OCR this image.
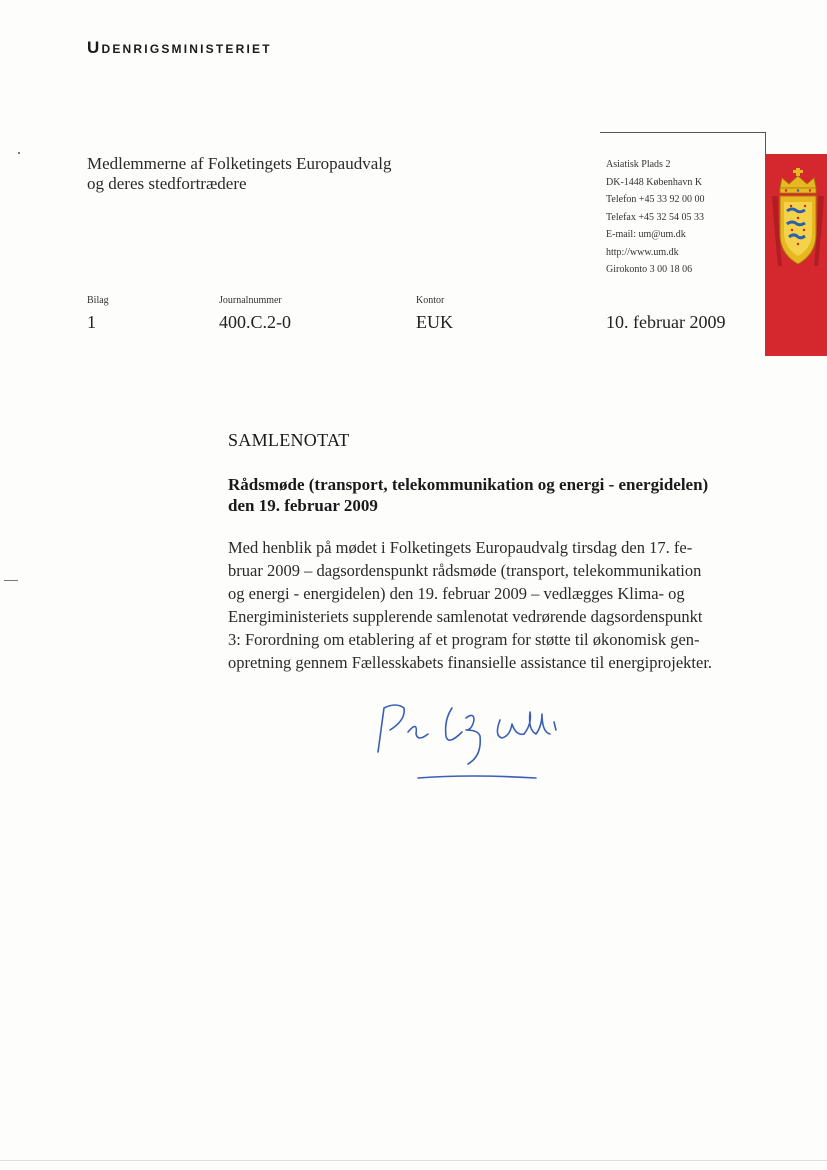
Udenrigsministeriet
Medlemmerne af Folketingets Europaudvalg
og deres stedfortrædere
Asiatisk Plads 2
DK-1448 København K
Telefon +45 33 92 00 00
Telefax +45 32 54 05 33
E-mail: um@um.dk
http://www.um.dk
Girokonto 3 00 18 06
Bilag
1
Journalnummer
400.C.2-0
Kontor
EUK	10. februar 2009
SAMLENOTAT
Rådsmøde (transport, telekommunikation og energi - energidelen)
den 19. februar 2009
Med henblik på mødet i Folketingets Europaudvalg tirsdag den 17. fe-
bruar 2009 – dagsordenspunkt rådsmøde (transport, telekommunikation
og energi - energidelen) den 19. februar 2009 – vedlægges Klima- og
Energiministeriets supplerende samlenotat vedrørende dagsordenspunkt
3: Forordning om etablering af et program for støtte til økonomisk gen-
opretning gennem Fællesskabets finansielle assistance til energiprojekter.
